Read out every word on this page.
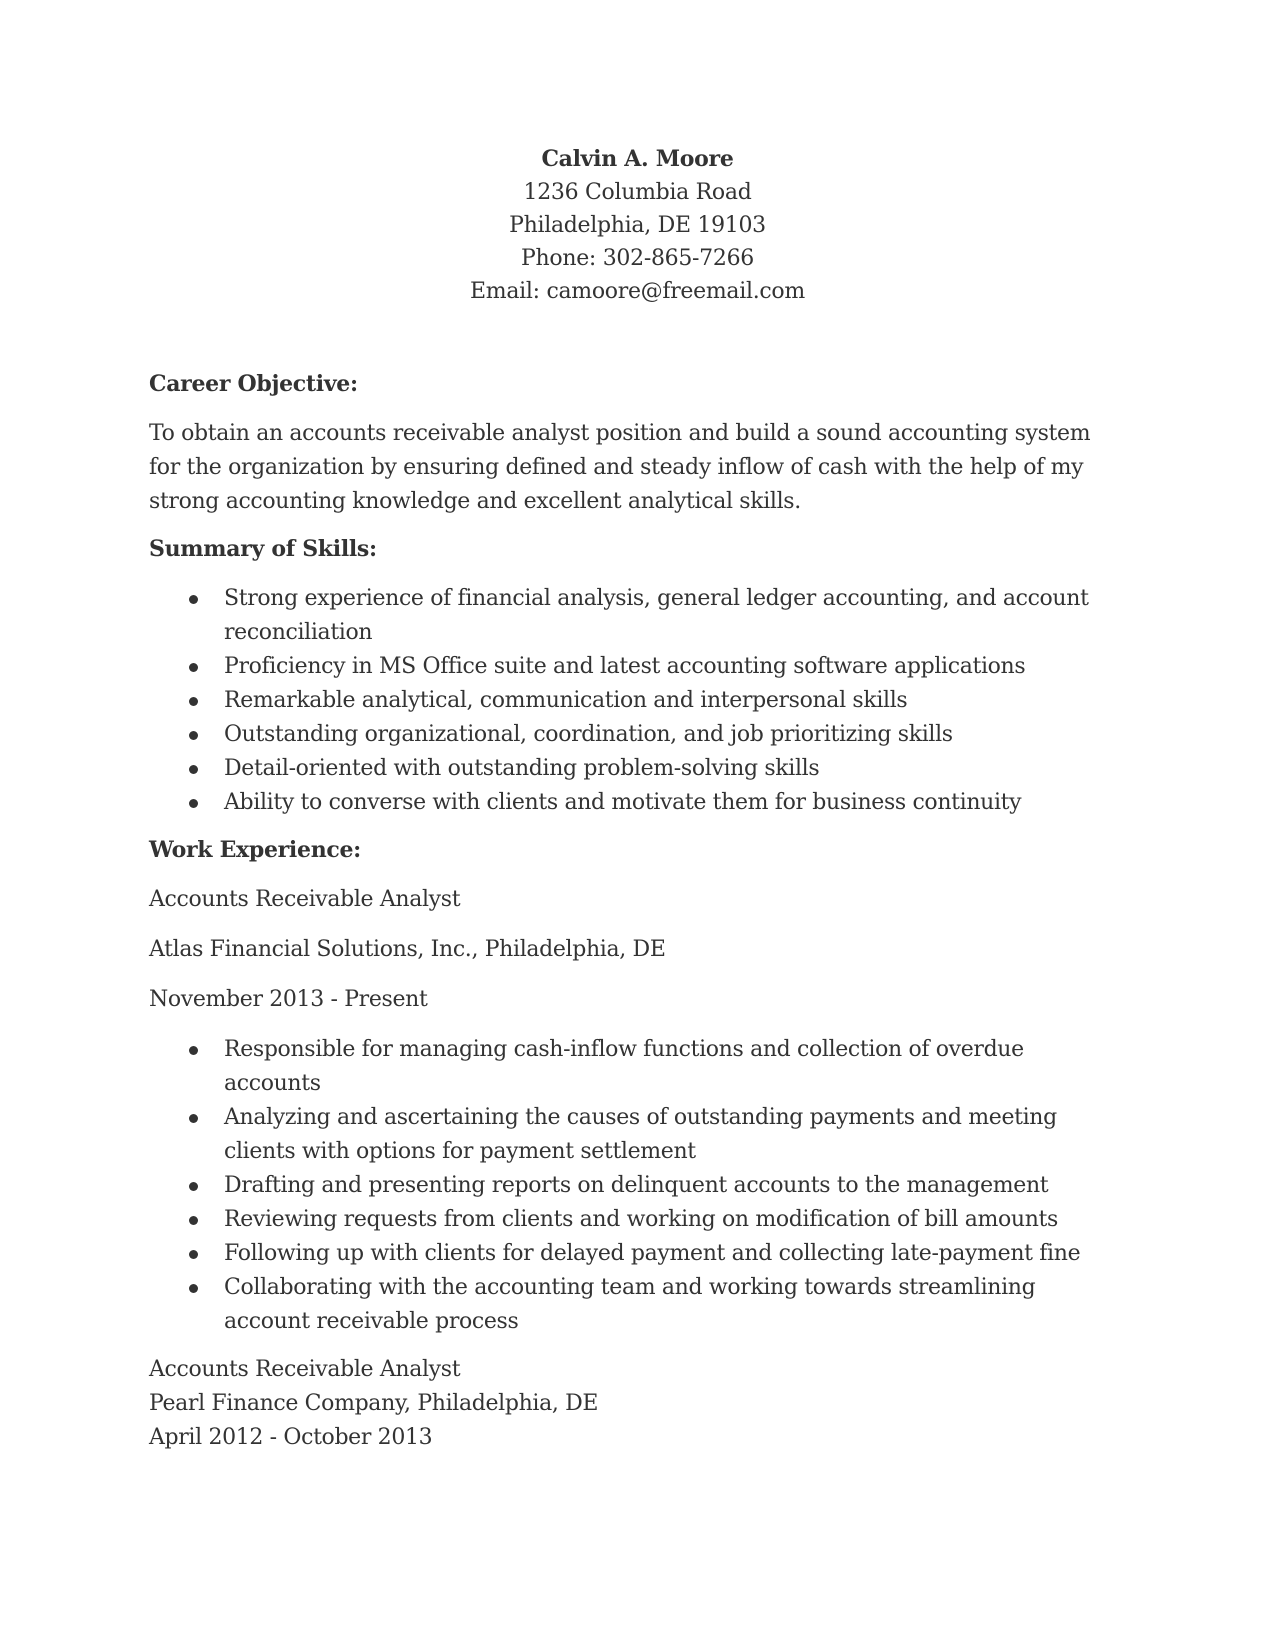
Calvin A. Moore
1236 Columbia Road
Philadelphia, DE 19103
Phone: 302-865-7266
Email: camoore@freemail.com
Career Objective:
To obtain an accounts receivable analyst position and build a sound accounting system for the organization by ensuring defined and steady inflow of cash with the help of my strong accounting knowledge and excellent analytical skills.
Summary of Skills:
Strong experience of financial analysis, general ledger accounting, and account reconciliation
Proficiency in MS Office suite and latest accounting software applications
Remarkable analytical, communication and interpersonal skills
Outstanding organizational, coordination, and job prioritizing skills
Detail-oriented with outstanding problem-solving skills
Ability to converse with clients and motivate them for business continuity
Work Experience:
Accounts Receivable Analyst
Atlas Financial Solutions, Inc., Philadelphia, DE
November 2013 - Present
Responsible for managing cash-inflow functions and collection of overdue accounts
Analyzing and ascertaining the causes of outstanding payments and meeting clients with options for payment settlement
Drafting and presenting reports on delinquent accounts to the management
Reviewing requests from clients and working on modification of bill amounts
Following up with clients for delayed payment and collecting late-payment fine
Collaborating with the accounting team and working towards streamlining account receivable process
Accounts Receivable Analyst
Pearl Finance Company, Philadelphia, DE
April 2012 - October 2013
